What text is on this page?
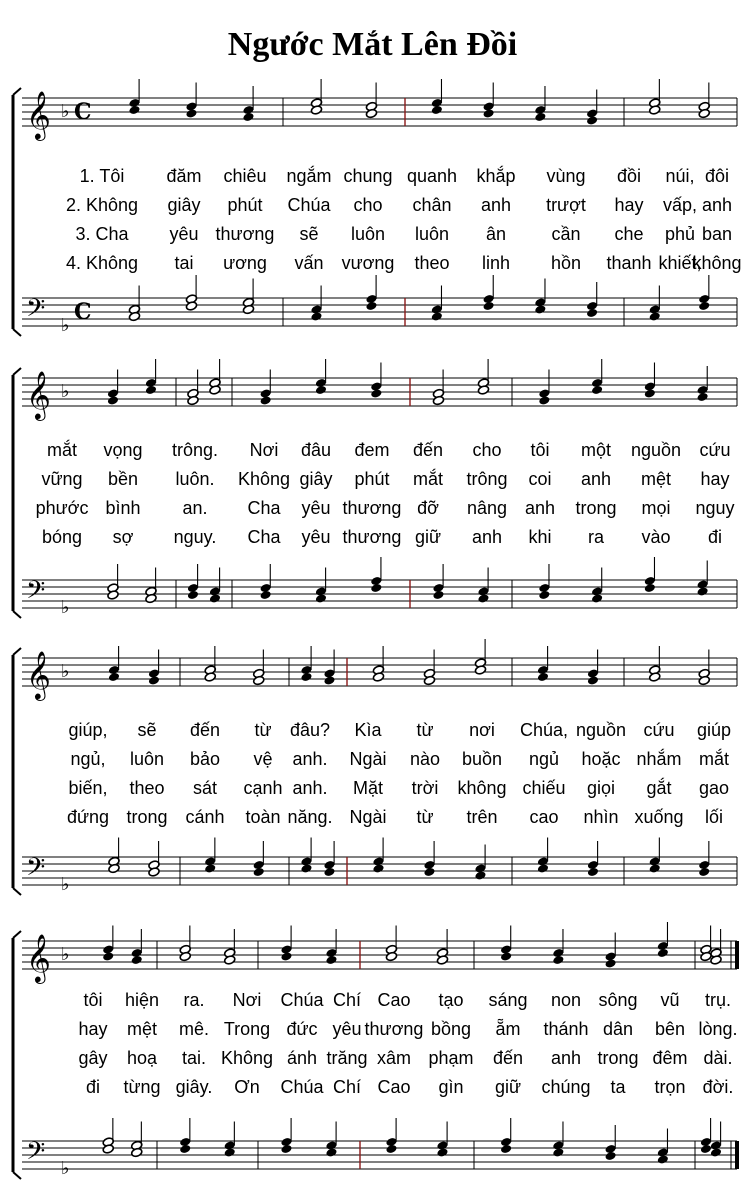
Ngước Mắt Lên Đồi
𝄞
𝄢
♭
♭
C
C
1. Tôi đăm chiêu ngắm chung quanh khắp vùng đồi núi, đôi
2. Không giây phút Chúa cho chân anh trượt hay vấp, anh
3. Cha yêu thương sẽ luôn luôn ân	cần che phủ ban
4. Không tai ương vấn vương theo linh hồn thanh khiết,
không
𝄞
𝄢
♭
♭
mắt vọng trông. Nơi đâu đem đến cho tôi một nguồn cứu
vững bền luôn. Không giây phút mắt trông coi anh mệt hay
phước bình an. Cha yêu thương đỡ nâng anh trong mọi nguy
bóng sợ nguy. Cha yêu thương giữ anh khi ra vào đi
𝄞
𝄢
♭
♭
giúp, sẽ đến từ đâu? Kìa từ nơi Chúa, nguồn cứu giúp
ngủ, luôn bảo vệ anh. Ngài nào buồn ngủ hoặc nhắm mắt
biến, theo sát cạnh anh. Mặt trời không chiếu giọi gắt gao
đứng trong cánh toàn năng. Ngài từ trên cao nhìn xuống lối
𝄞
𝄢
♭
♭
tôi hiện ra. Nơi Chúa Chí Cao tạo sáng non sông vũ trụ.
hay mệt mê. Trong đức yêu thương bồng ẵm thánh dân bên lòng.
gây hoạ tai. Không ánh trăng xâm phạm đến anh trong đêm dài.
đi từng giây. Ơn Chúa Chí Cao gìn giữ chúng ta trọn đời.
